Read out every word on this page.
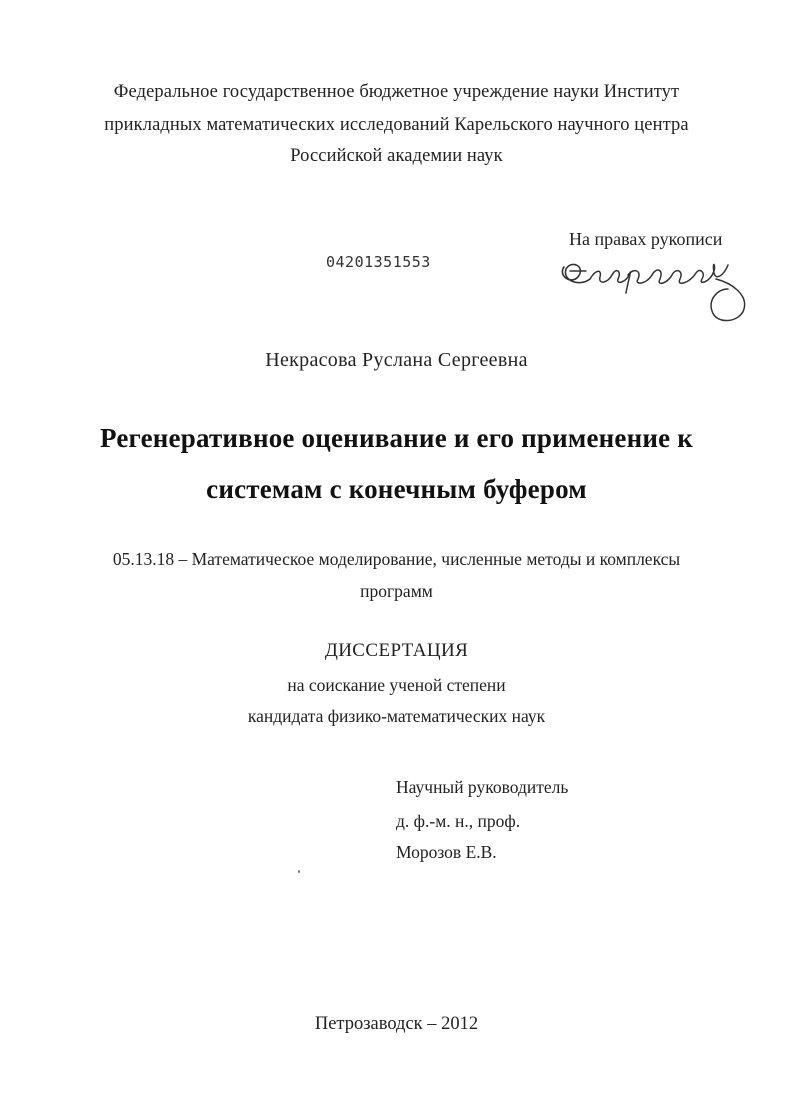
Федеральное государственное бюджетное учреждение науки Институт
прикладных математических исследований Карельского научного центра
Российской академии наук
На правах рукописи
04201351553
Некрасова Руслана Сергеевна
Регенеративное оценивание и его применение к
системам с конечным буфером
05.13.18 – Математическое моделирование, численные методы и комплексы
программ
ДИССЕРТАЦИЯ
на соискание ученой степени
кандидата физико-математических наук
Научный руководитель
д. ф.-м. н., проф.
Морозов Е.В.
Петрозаводск – 2012
